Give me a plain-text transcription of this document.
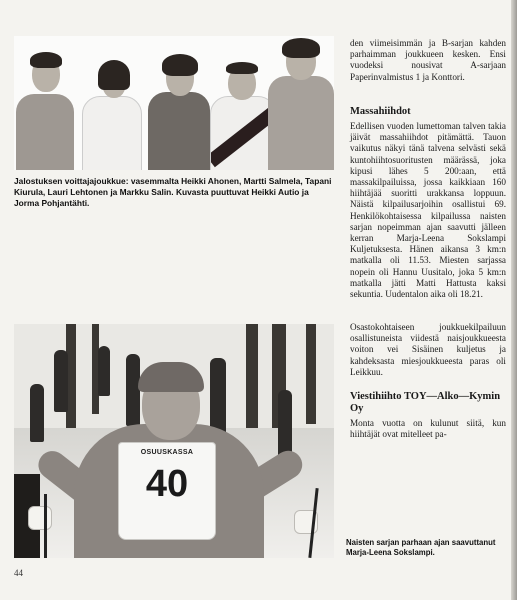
Jalostuksen voittajajoukkue: vasemmalta Heikki Ahonen, Martti Salmela, Tapani Kiurula, Lauri Lehtonen ja Markku Salin. Kuvasta puuttuvat Heikki Autio ja Jorma Pohjantähti.
OSUUSKASSA
40
Naisten sarjan parhaan ajan saavuttanut Marja-Leena Sokslampi.

den viimeisimmän ja B-sarjan kahden parhaimman joukkueen kesken. Ensi vuodeksi nousivat A-sarjaan Paperinvalmistus 1 ja Konttori.

Massahiihdot

Edellisen vuoden lumettoman talven takia jäivät massahiihdot pitämättä. Tauon vaikutus näkyi tänä talvena selvästi sekä kuntohiihtosuoritusten määrässä, joka kipusi lähes 5 200:aan, että massakilpailuissa, jossa kaikkiaan 160 hiihtäjää suoritti urakkansa loppuun. Näistä kilpailusarjoihin osallistui 69. Henkilökohtaisessa kilpailussa naisten sarjan nopeimman ajan saavutti jälleen kerran Marja-Leena Sokslampi Kuljetuksesta. Hänen aikansa 3 km:n matkalla oli 11.53. Miesten sarjassa nopein oli Hannu Uusitalo, joka 5 km:n matkalla jätti Matti Hattusta kaksi sekuntia. Uudentalon aika oli 18.21.

Osastokohtaiseen joukkuekilpailuun osallistuneista viidestä naisjoukkueesta voiton vei Sisäinen kuljetus ja kahdeksasta miesjoukkueesta paras oli Leikkuu.

Viestihiihto TOY—Alko—Kymin Oy

Monta vuotta on kulunut siitä, kun hiihtäjät ovat mitelleet pa-

44
